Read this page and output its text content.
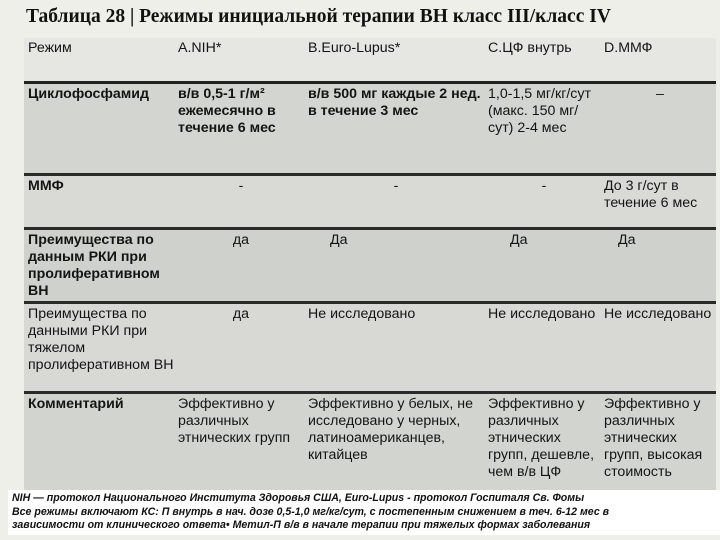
Таблица 28 | Режимы инициальной терапии ВН класс III/класс IV
Режим	A.NIH*	B.Euro-Lupus*	C.ЦФ внутрь	D.ММФ
Циклофосфамид	в/в 0,5-1 г/м² ежемесячно в течение 6 мес	в/в 500 мг каждые 2 нед. в течение 3 мес	1,0-1,5 мг/кг/сут (макс. 150 мг/сут) 2-4 мес	–
ММФ	-	-	-	До 3 г/сут в течение 6 мес
Преимущества по данным РКИ при пролиферативном ВН	да	Да	Да	Да
Преимущества по данными РКИ при тяжелом пролиферативном ВН	да	Не исследовано	Не исследовано	Не исследовано
Комментарий	Эффективно у различных этнических групп	Эффективно у белых, не исследовано у черных, латиноамериканцев, китайцев	Эффективно у различных этнических групп, дешевле, чем в/в ЦФ	Эффективно у различных этнических групп, высокая стоимость
NIH — протокол Национального Института Здоровья США, Euro-Lupus - протокол Госпиталя Св. Фомы
Все режимы включают КС: П внутрь в нач. дозе 0,5-1,0 мг/кг/сут, с постепенным снижением в теч. 6-12 мес в
зависимости от клинического ответа• Метил-П в/в в начале терапии при тяжелых формах заболевания
